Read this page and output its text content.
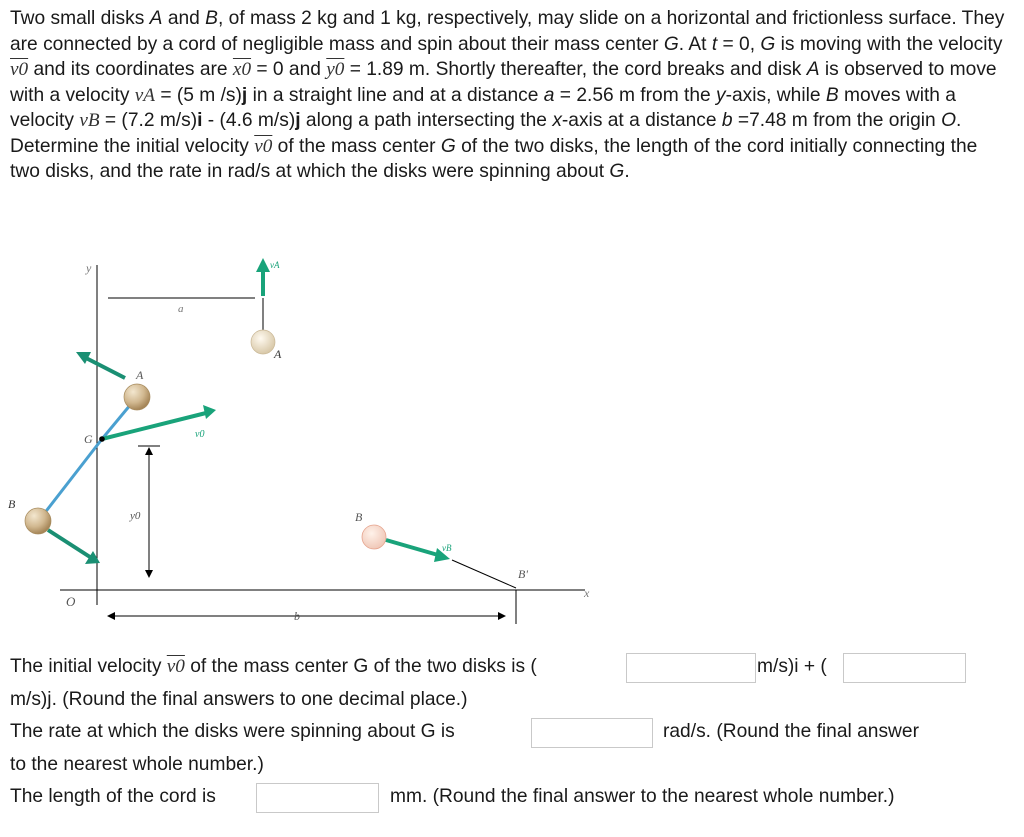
Two small disks A and B, of mass 2 kg and 1 kg, respectively, may slide on a horizontal and frictionless surface. They are connected by a cord of negligible mass and spin about their mass center G. At t = 0, G is moving with the velocity v0 and its coordinates are x0 = 0 and y0 = 1.89 m. Shortly thereafter, the cord breaks and disk A is observed to move with a velocity vA = (5 m /s)j in a straight line and at a distance a = 2.56 m from the y-axis, while B moves with a velocity vB = (7.2 m/s)i - (4.6 m/s)j along a path intersecting the x-axis at a distance b =7.48 m from the origin O. Determine the initial velocity v0 of the mass center G of the two disks, the length of the cord initially connecting the two disks, and the rate in rad/s at which the disks were spinning about G.

y
x
O
a
vA
A
A
v0
G
y0
B
B
vB
B'
b
The initial velocity v0 of the mass center G of the two disks is (	m/s)i + (
m/s)j. (Round the final answers to one decimal place.)
The rate at which the disks were spinning about G is	rad/s. (Round the final answer
to the nearest whole number.)
The length of the cord is	mm. (Round the final answer to the nearest whole number.)
